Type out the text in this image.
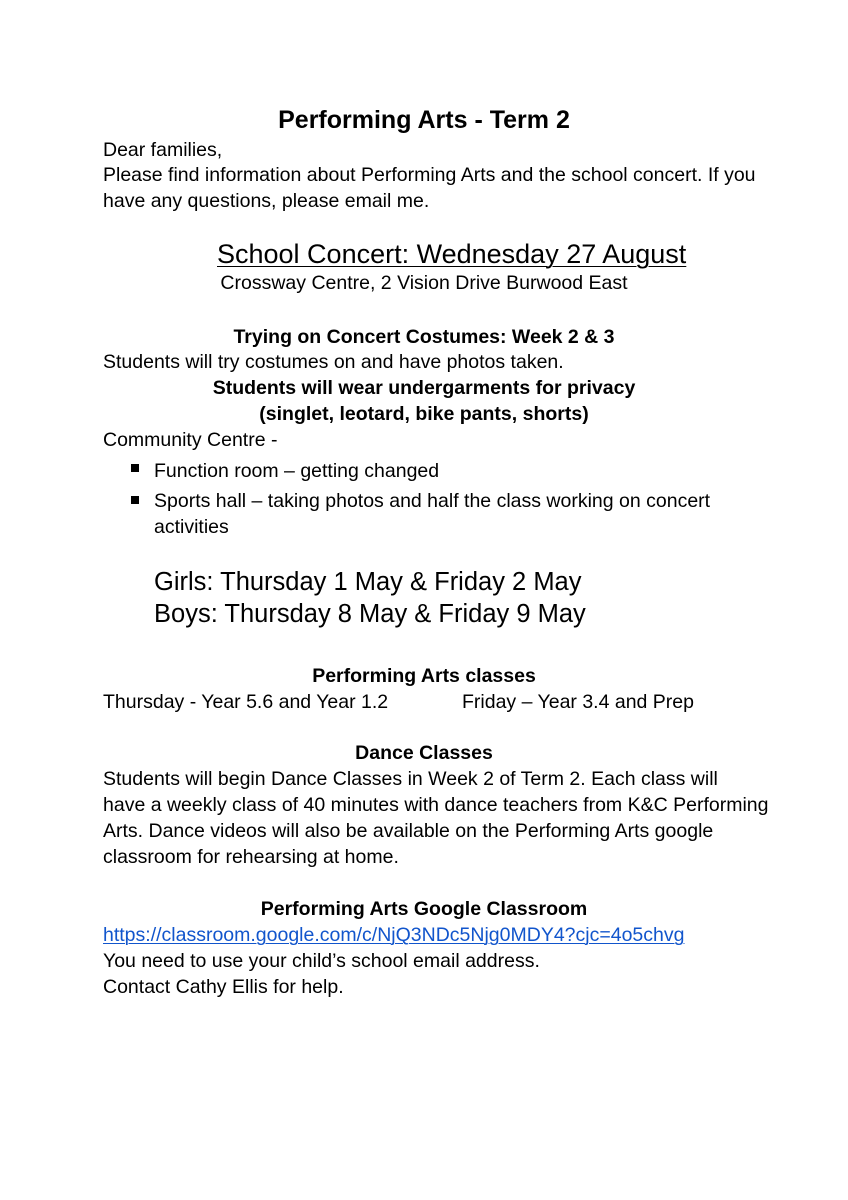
Performing Arts - Term 2
Dear families,
Please find information about Performing Arts and the school concert. If you
have any questions, please email me.
School Concert: Wednesday 27 August
Crossway Centre, 2 Vision Drive Burwood East
Trying on Concert Costumes: Week 2 & 3
Students will try costumes on and have photos taken.
Students will wear undergarments for privacy
(singlet, leotard, bike pants, shorts)
Community Centre -
Function room – getting changed
Sports hall – taking photos and half the class working on concert
activities
Girls: Thursday 1 May & Friday 2 May
Boys: Thursday 8 May & Friday 9 May
Performing Arts classes
Thursday - Year 5.6 and Year 1.2	Friday – Year 3.4 and Prep
Dance Classes
Students will begin Dance Classes in Week 2 of Term 2. Each class will
have a weekly class of 40 minutes with dance teachers from K&C Performing
Arts. Dance videos will also be available on the Performing Arts google
classroom for rehearsing at home.
Performing Arts Google Classroom
https://classroom.google.com/c/NjQ3NDc5Njg0MDY4?cjc=4o5chvg
You need to use your child’s school email address.
Contact Cathy Ellis for help.
